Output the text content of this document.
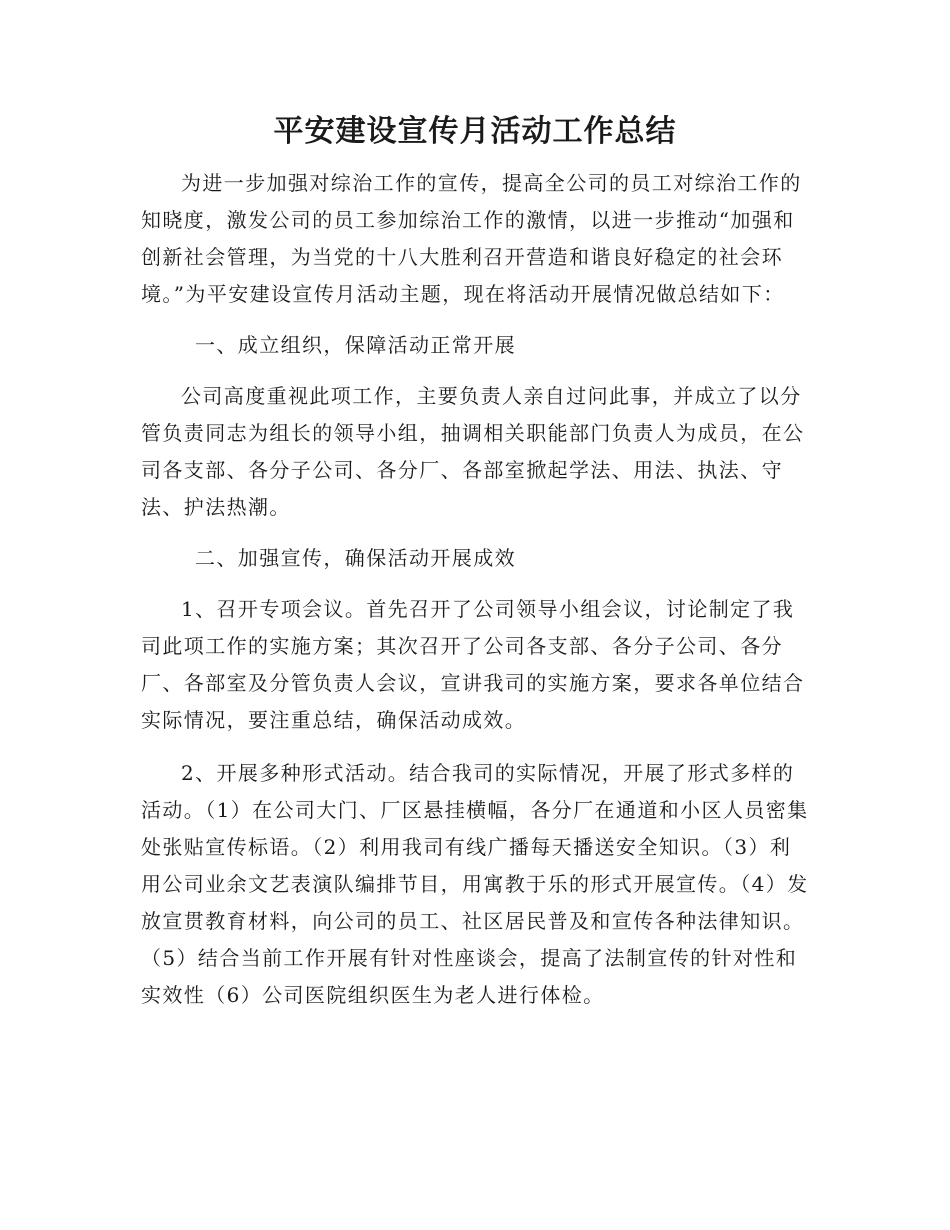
平安建设宣传月活动工作总结

为进一步加强对综治工作的宣传，提高全公司的员工对综治工作的知晓度，激发公司的员工参加综治工作的激情，以进一步推动“加强和创新社会管理，为当党的十八大胜利召开营造和谐良好稳定的社会环境。”为平安建设宣传月活动主题，现在将活动开展情况做总结如下：

一、成立组织，保障活动正常开展

公司高度重视此项工作，主要负责人亲自过问此事，并成立了以分管负责同志为组长的领导小组，抽调相关职能部门负责人为成员，在公司各支部、各分子公司、各分厂、各部室掀起学法、用法、执法、守法、护法热潮。

二、加强宣传，确保活动开展成效

1、召开专项会议。首先召开了公司领导小组会议，讨论制定了我司此项工作的实施方案；其次召开了公司各支部、各分子公司、各分厂、各部室及分管负责人会议，宣讲我司的实施方案，要求各单位结合实际情况，要注重总结，确保活动成效。

2、开展多种形式活动。结合我司的实际情况，开展了形式多样的活动。（1）在公司大门、厂区悬挂横幅，各分厂在通道和小区人员密集处张贴宣传标语。（2）利用我司有线广播每天播送安全知识。（3）利用公司业余文艺表演队编排节目，用寓教于乐的形式开展宣传。（4）发放宣贯教育材料，向公司的员工、社区居民普及和宣传各种法律知识。（5）结合当前工作开展有针对性座谈会，提高了法制宣传的针对性和实效性（6）公司医院组织医生为老人进行体检。
